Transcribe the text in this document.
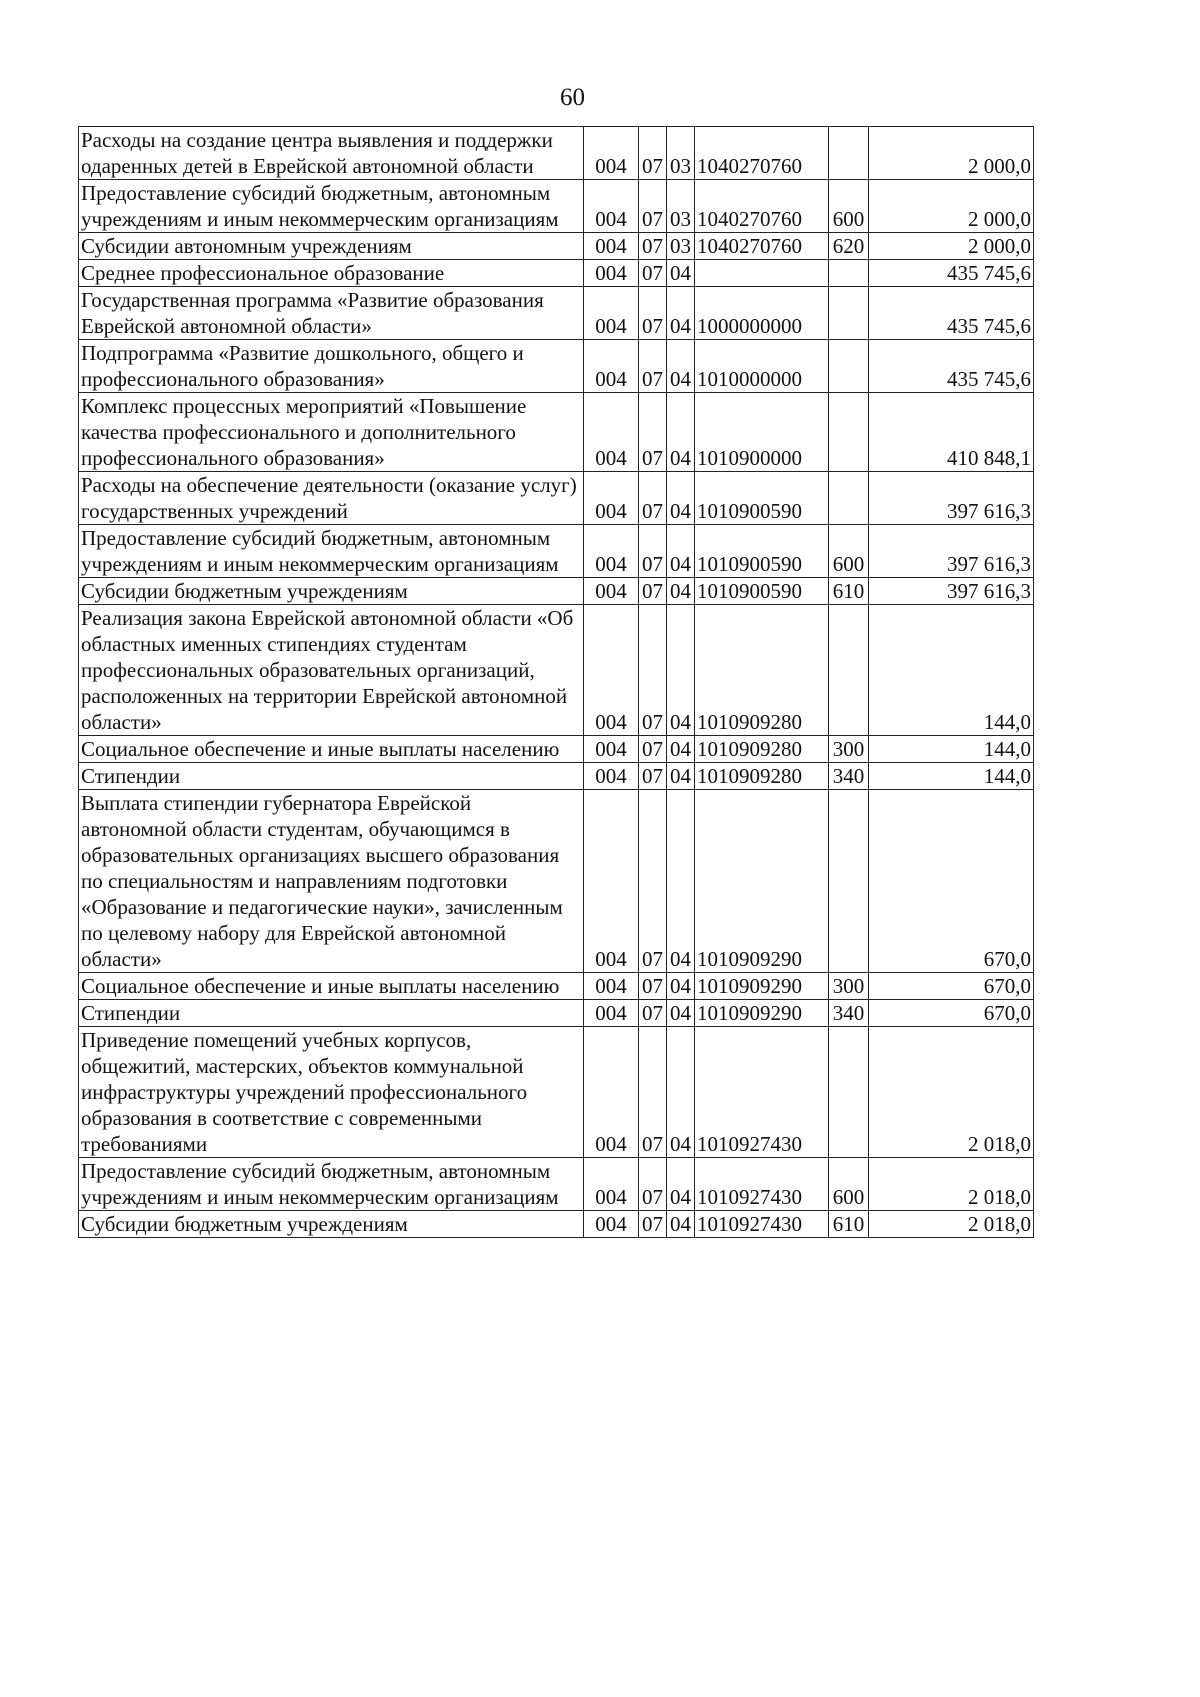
60
Расходы на создание центра выявления и поддержки одаренных детей в Еврейской автономной области	004	07	03	1040270760		2 000,0
Предоставление субсидий бюджетным, автономным учреждениям и иным некоммерческим организациям	004	07	03	1040270760	600	2 000,0
Субсидии автономным учреждениям	004	07	03	1040270760	620	2 000,0
Среднее профессиональное образование	004	07	04			435 745,6
Государственная программа «Развитие образования Еврейской автономной области»	004	07	04	1000000000		435 745,6
Подпрограмма «Развитие дошкольного, общего и профессионального образования»	004	07	04	1010000000		435 745,6
Комплекс процессных мероприятий «Повышение качества профессионального и дополнительного профессионального образования»	004	07	04	1010900000		410 848,1
Расходы на обеспечение деятельности (оказание услуг) государственных учреждений	004	07	04	1010900590		397 616,3
Предоставление субсидий бюджетным, автономным учреждениям и иным некоммерческим организациям	004	07	04	1010900590	600	397 616,3
Субсидии бюджетным учреждениям	004	07	04	1010900590	610	397 616,3
Реализация закона Еврейской автономной области «Об областных именных стипендиях студентам профессиональных образовательных организаций, расположенных на территории Еврейской автономной области»	004	07	04	1010909280		144,0
Социальное обеспечение и иные выплаты населению	004	07	04	1010909280	300	144,0
Стипендии	004	07	04	1010909280	340	144,0
Выплата стипендии губернатора Еврейской автономной области студентам, обучающимся в образовательных организациях высшего образования по специальностям и направлениям подготовки «Образование и педагогические науки», зачисленным по целевому набору для Еврейской автономной области»	004	07	04	1010909290		670,0
Социальное обеспечение и иные выплаты населению	004	07	04	1010909290	300	670,0
Стипендии	004	07	04	1010909290	340	670,0
Приведение помещений учебных корпусов, общежитий, мастерских, объектов коммунальной инфраструктуры учреждений профессионального образования в соответствие с современными требованиями	004	07	04	1010927430		2 018,0
Предоставление субсидий бюджетным, автономным учреждениям и иным некоммерческим организациям	004	07	04	1010927430	600	2 018,0
Субсидии бюджетным учреждениям	004	07	04	1010927430	610	2 018,0
